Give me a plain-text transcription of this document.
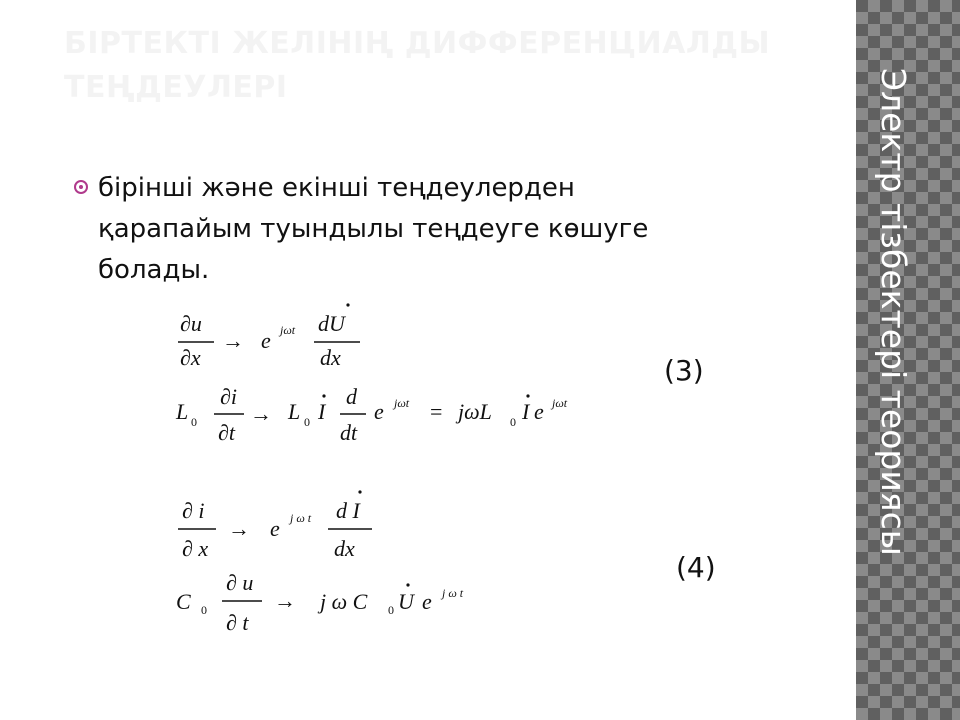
БІРТЕКТІ ЖЕЛІНІҢ ДИФФЕРЕНЦИАЛДЫ
ТЕҢДЕУЛЕРІ
бірінші және екінші теңдеулерден
қарапайым туындылы теңдеуге көшуге
болады.
∂u
∂x
→ e jωt dU
dx
L 0
∂i
∂t
→ L 0 I
d
dt
e jωt = jωL 0 I e jωt
∂ i
∂ x
→ e j ω t d I
dx
C 0
∂ u
∂ t
→ j ω C 0 U e j ω t
(3)
(4)
Электр тізбектері теориясы
